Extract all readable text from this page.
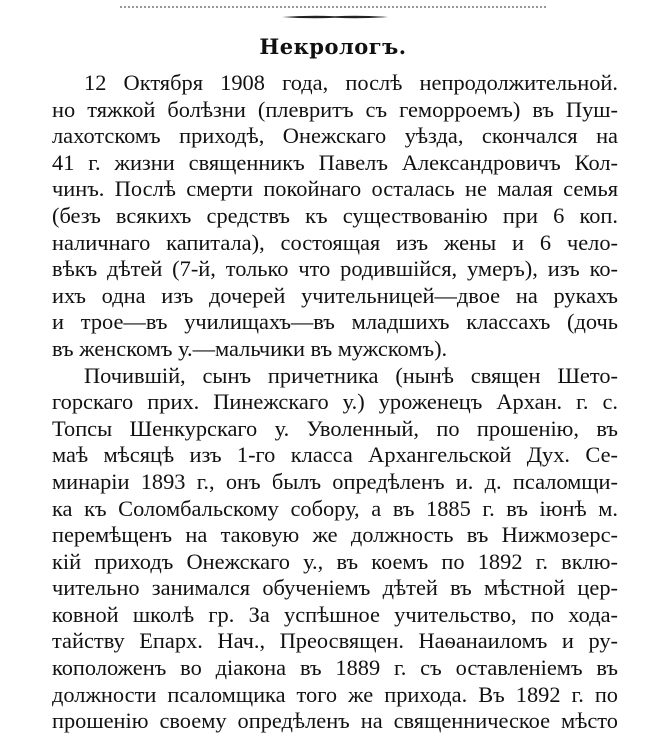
Некрологъ.
12 Октября 1908 года, послѣ непродолжительной.
но тяжкой болѣзни (плевритъ съ геморроемъ) въ Пуш-
лахотскомъ приходѣ, Онежскаго уѣзда, скончался на
41 г. жизни священникъ Павелъ Александровичъ Кол-
чинъ. Послѣ смерти покойнаго осталась не малая семья
(безъ всякихъ средствъ къ существованію при 6 коп.
наличнаго капитала), состоящая изъ жены и 6 чело-
вѣкъ дѣтей (7-й, только что родившійся, умеръ), изъ ко-
ихъ одна изъ дочерей учительницей—двое на рукахъ
и трое—въ училищахъ—въ младшихъ классахъ (дочь
въ женскомъ у.—мальчики въ мужскомъ).
Почившій, сынъ причетника (нынѣ священ Шето-
горскаго прих. Пинежскаго у.) уроженецъ Архан. г. с.
Топсы Шенкурскаго у. Уволенный, по прошенію, въ
маѣ мѣсяцѣ изъ 1-го класса Архангельской Дух. Се-
минаріи 1893 г., онъ былъ опредѣленъ и. д. псаломщи-
ка къ Соломбальскому собору, а въ 1885 г. въ іюнѣ м.
перемѣщенъ на таковую же должность въ Нижмозерс-
кій приходъ Онежскаго у., въ коемъ по 1892 г. вклю-
чительно занимался обученіемъ дѣтей въ мѣстной цер-
ковной школѣ гр. За успѣшное учительство, по хода-
тайству Епарх. Нач., Преосвящен. Наѳанаиломъ и ру-
коположенъ во діакона въ 1889 г. съ оставленіемъ въ
должности псаломщика того же прихода. Въ 1892 г. по
прошенію своему опредѣленъ на священническое мѣсто
